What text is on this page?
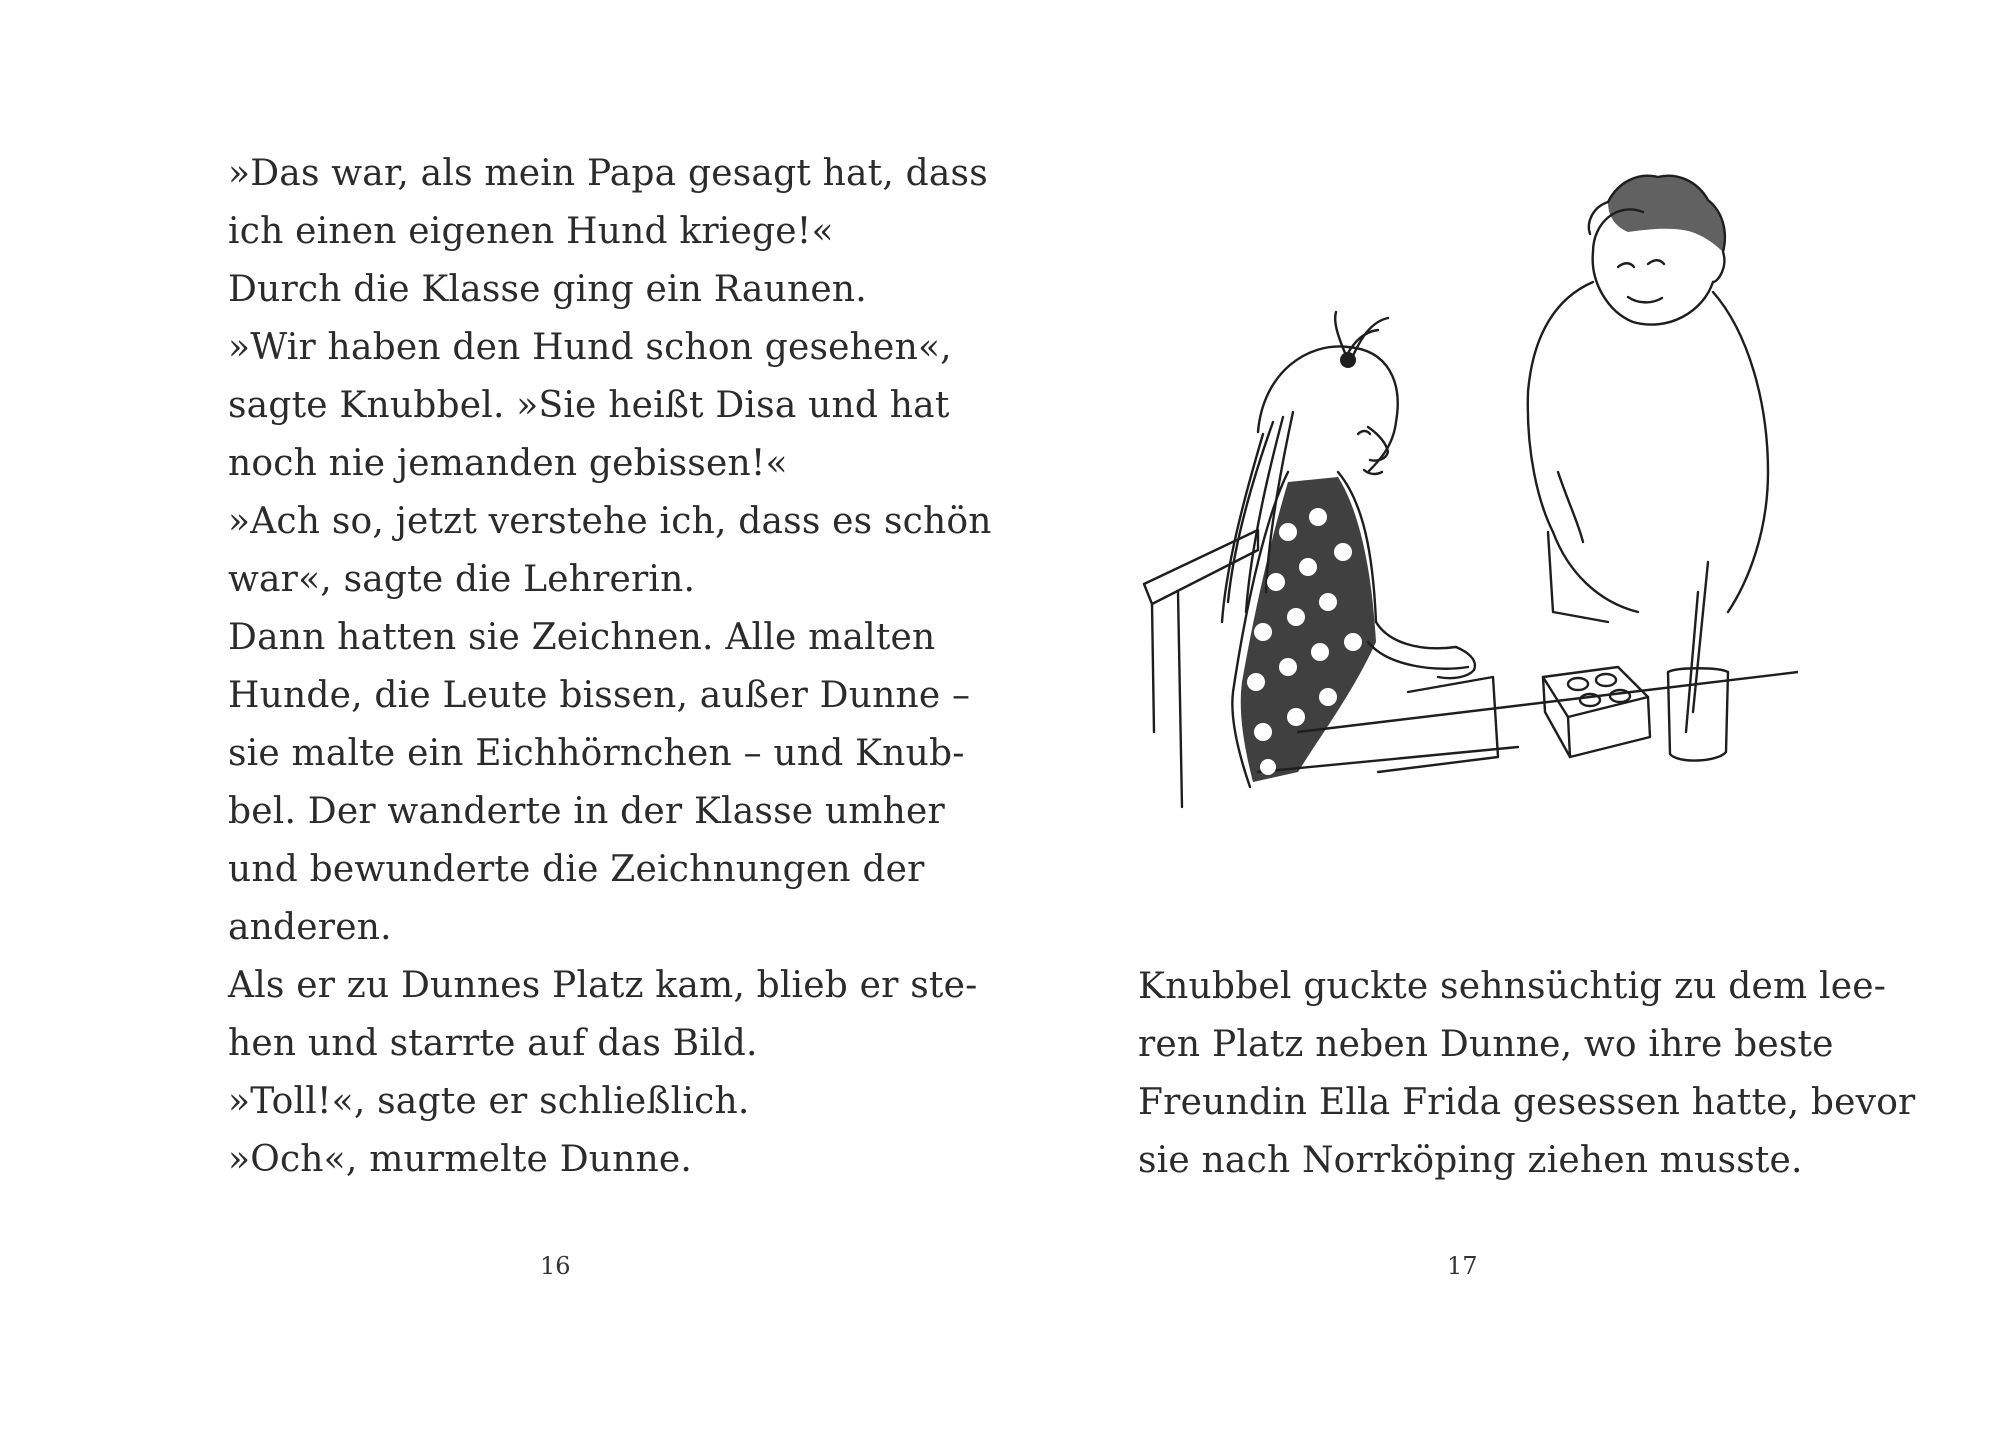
»Das war, als mein Papa gesagt hat, dass
ich einen eigenen Hund kriege!«
Durch die Klasse ging ein Raunen.
»Wir haben den Hund schon gesehen«,
sagte Knubbel. »Sie heißt Disa und hat
noch nie jemanden gebissen!«
»Ach so, jetzt verstehe ich, dass es schön
war«, sagte die Lehrerin.
Dann hatten sie Zeichnen. Alle malten
Hunde, die Leute bissen, außer Dunne –
sie malte ein Eichhörnchen – und Knub-
bel. Der wanderte in der Klasse umher
und bewunderte die Zeichnungen der
anderen.
Als er zu Dunnes Platz kam, blieb er ste-
hen und starrte auf das Bild.
»Toll!«, sagte er schließlich.
»Och«, murmelte Dunne.
16
Knubbel guckte sehnsüchtig zu dem lee-
ren Platz neben Dunne, wo ihre beste
Freundin Ella Frida gesessen hatte, bevor
sie nach Norrköping ziehen musste.
17
